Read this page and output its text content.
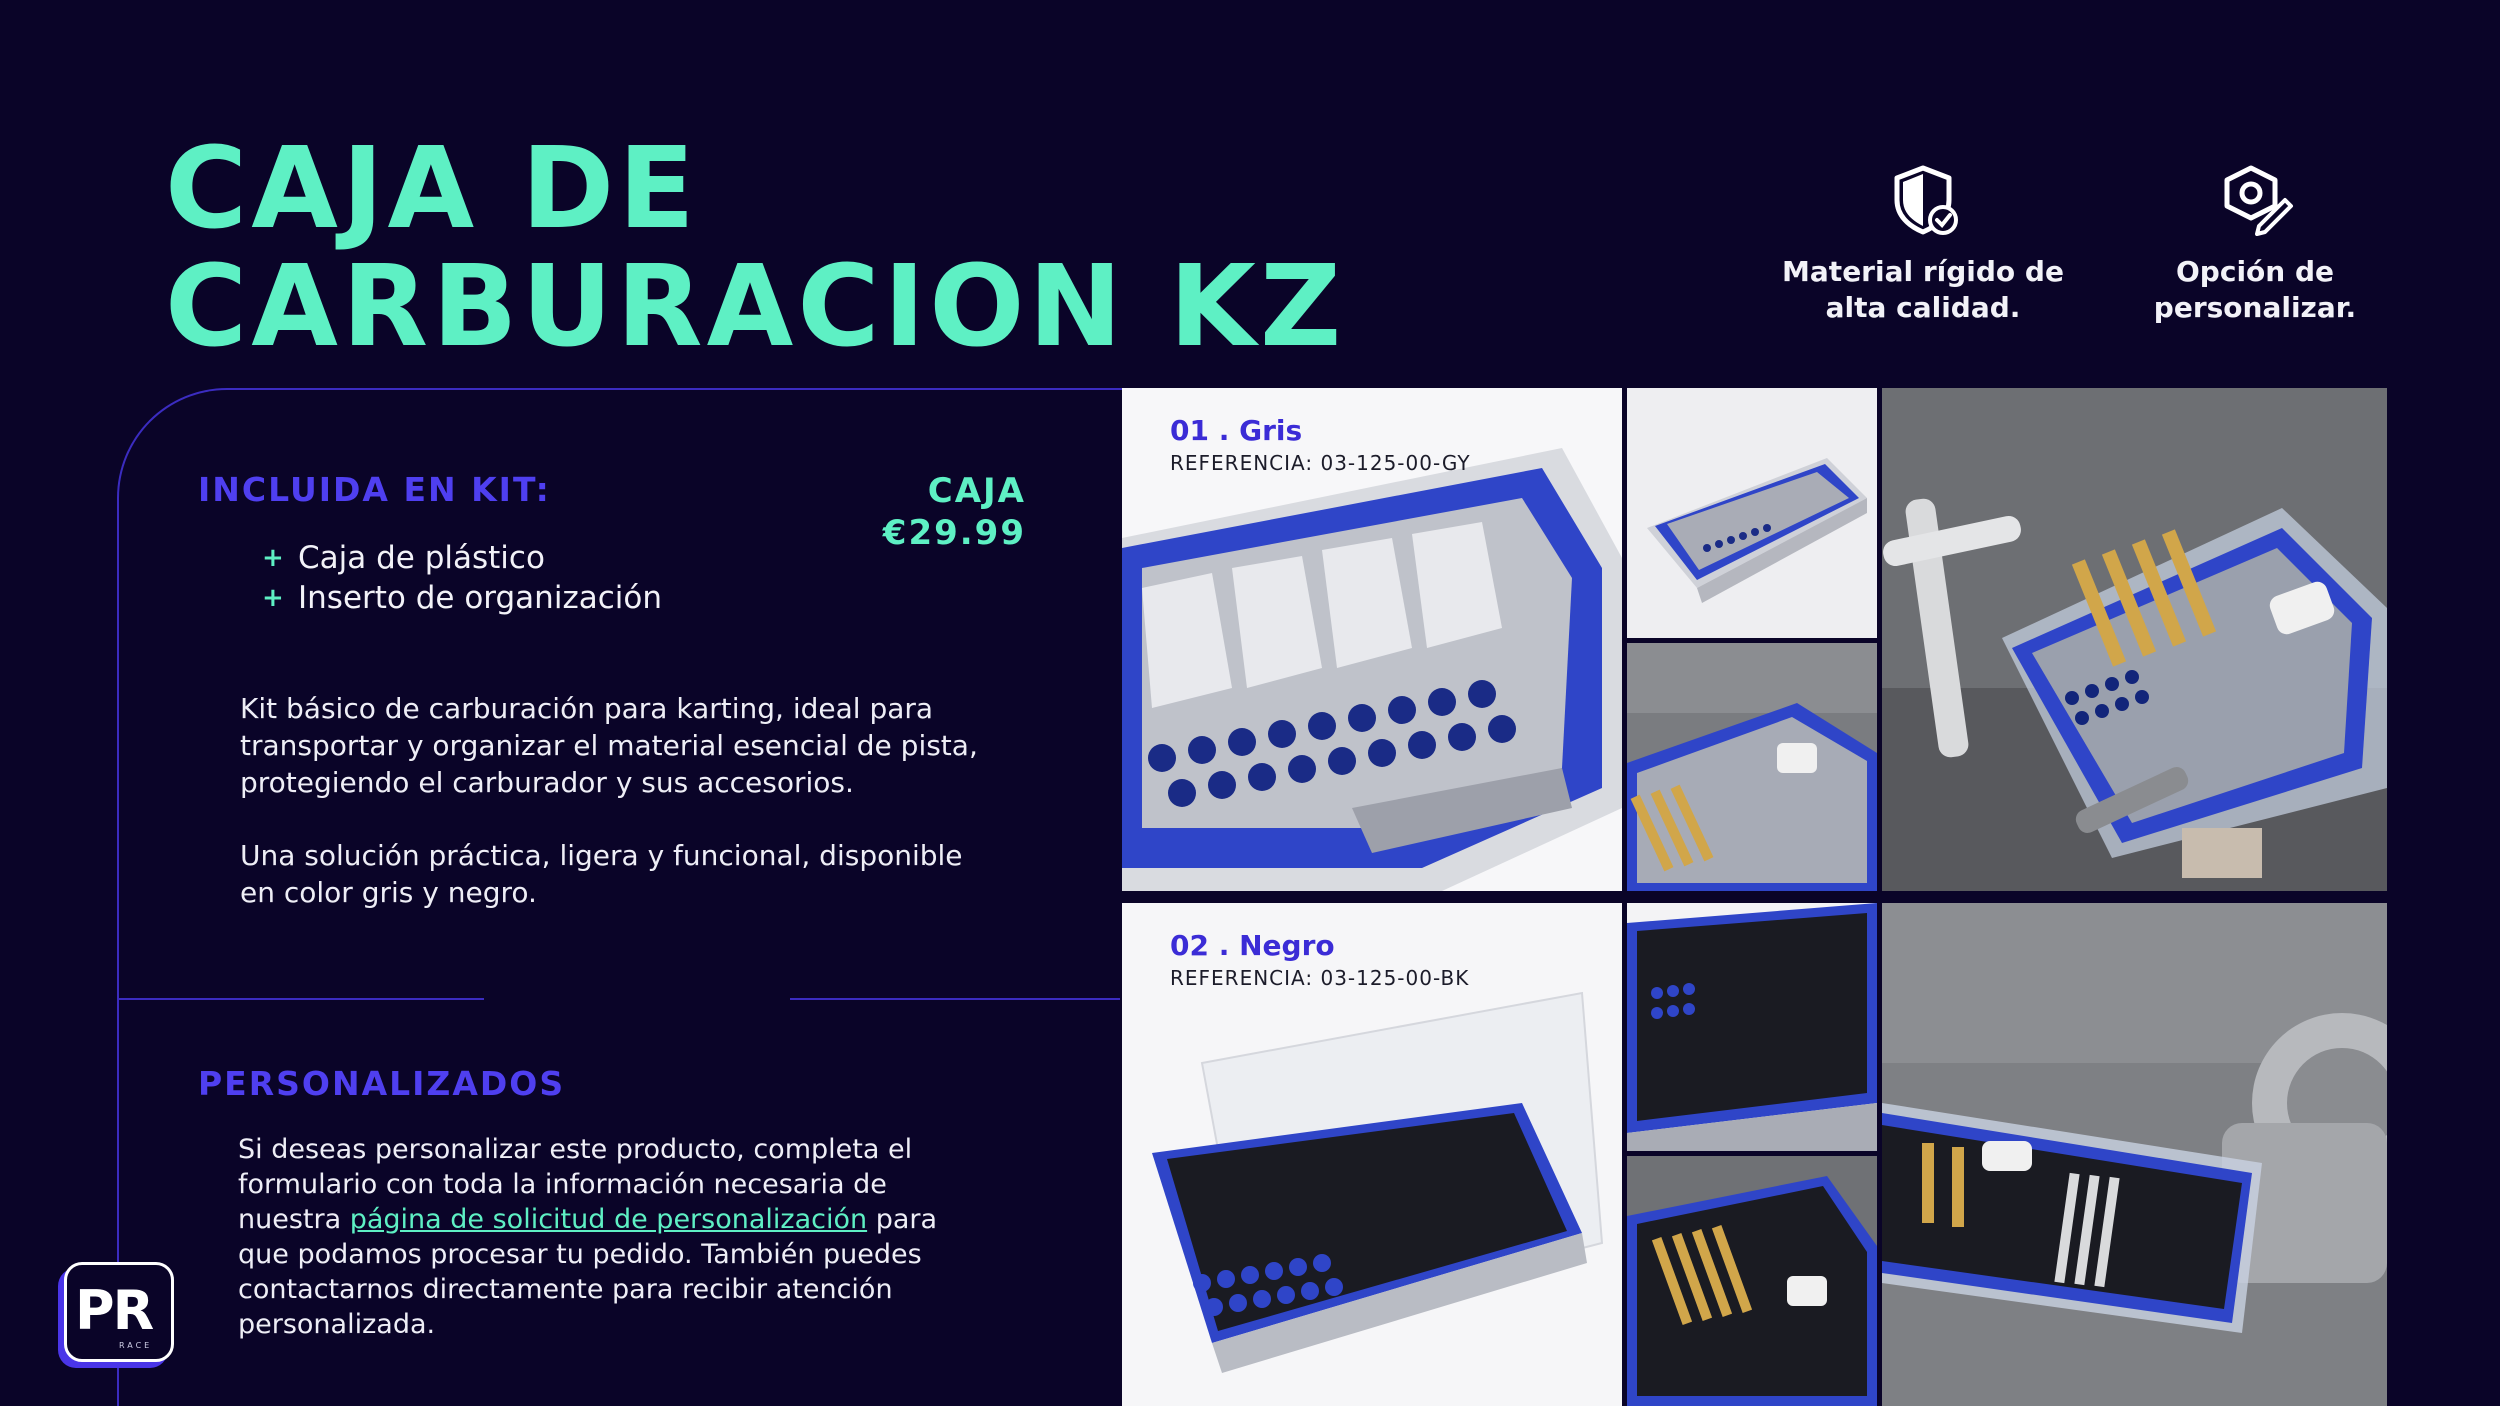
CAJA DE
CARBURACION KZ	Material rígido de
alta calidad.
Opción de
personalizar.
INCLUIDA EN KIT:	CAJA
€29.99
+ Caja de plástico
+ Inserto de organización

Kit básico de carburación para karting, ideal para transportar y organizar el material esencial de pista, protegiendo el carburador y sus accesorios.

Una solución práctica, ligera y funcional, disponible en color gris y negro.

PERSONALIZADOS

Si deseas personalizar este producto, completa el formulario con toda la información necesaria de nuestra página de solicitud de personalización para que podamos procesar tu pedido. También puedes contactarnos directamente para recibir atención personalizada.

PR
RACE
01 . Gris
REFERENCIA: 03-125-00-GY
02 . Negro
REFERENCIA: 03-125-00-BK
